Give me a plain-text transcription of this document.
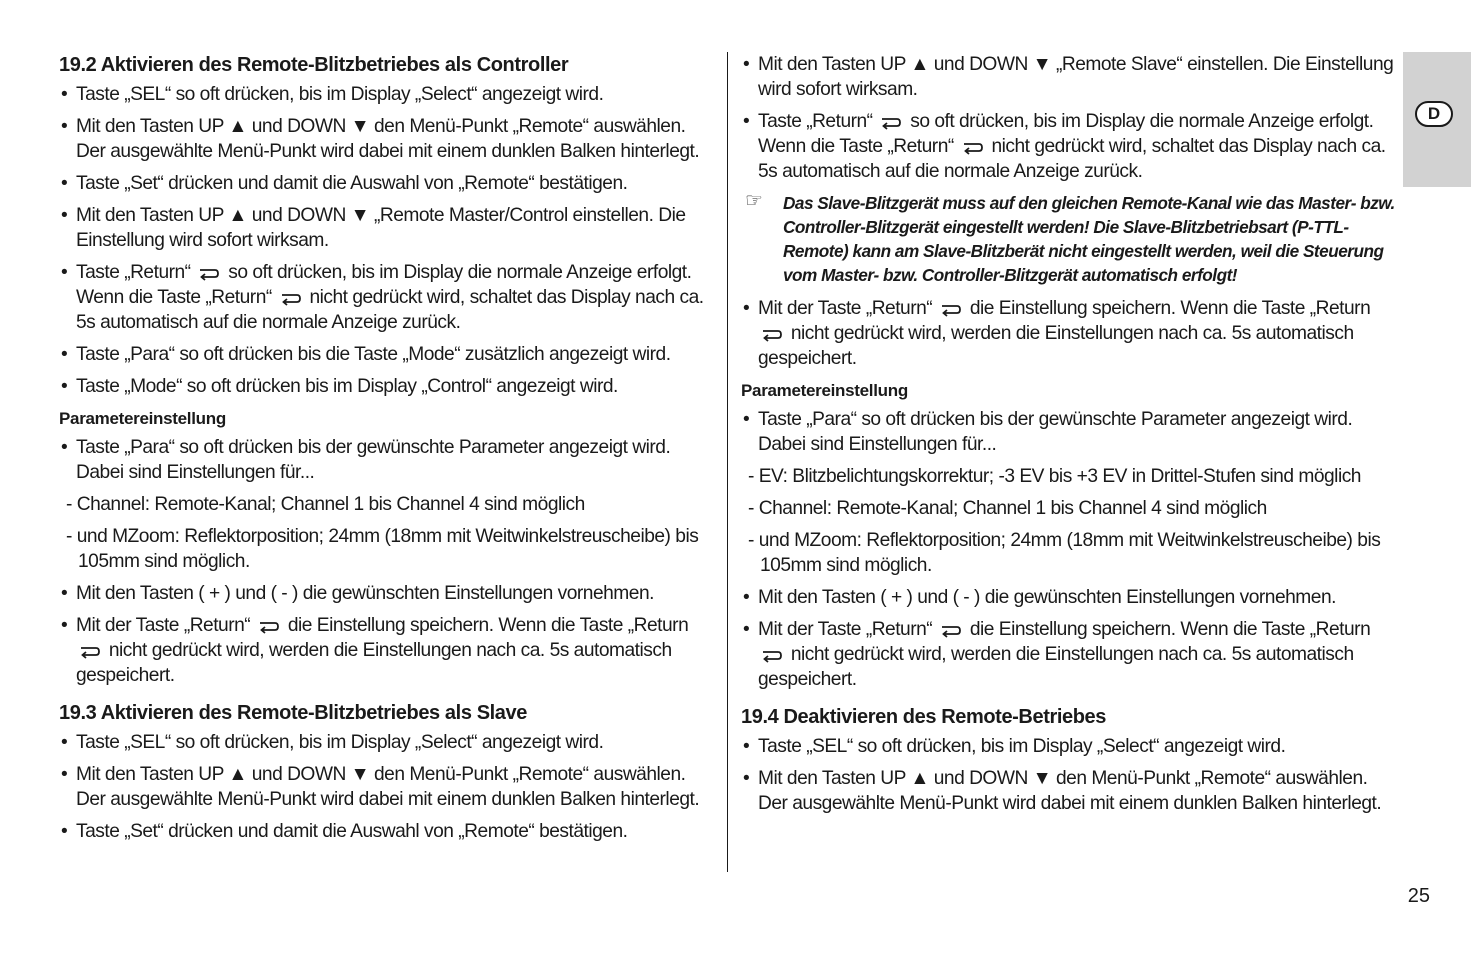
D
19.2 Aktivieren des Remote-Blitzbetriebes als Controller
• Taste „SEL“ so oft drücken, bis im Display „Select“ angezeigt wird.
• Mit den Tasten UP ▲ und DOWN ▼ den Menü-Punkt „Remote“ auswählen. Der ausgewählte Menü-Punkt wird dabei mit einem dunklen Balken hinterlegt.
• Taste „Set“ drücken und damit die Auswahl von „Remote“ bestätigen.
• Mit den Tasten UP ▲ und DOWN ▼ „Remote Master/Control einstellen. Die Einstellung wird sofort wirksam.
• Taste „Return“ so oft drücken, bis im Display die normale Anzeige erfolgt. Wenn die Taste „Return“ nicht gedrückt wird, schaltet das Display nach ca. 5s automatisch auf die normale Anzeige zurück.
• Taste „Para“ so oft drücken bis die Taste „Mode“ zusätzlich angezeigt wird.
• Taste „Mode“ so oft drücken bis im Display „Control“ angezeigt wird.
Parametereinstellung
• Taste „Para“ so oft drücken bis der gewünschte Parameter angezeigt wird. Dabei sind Einstellungen für...
- Channel: Remote-Kanal; Channel 1 bis Channel 4 sind möglich
- und MZoom: Reflektorposition; 24mm (18mm mit Weitwinkelstreuscheibe) bis 105mm sind möglich.
• Mit den Tasten ( + ) und ( - ) die gewünschten Einstellungen vornehmen.
• Mit der Taste „Return“ die Einstellung speichern. Wenn die Taste „Return
nicht gedrückt wird, werden die Einstellungen nach ca. 5s automatisch gespeichert.
19.3 Aktivieren des Remote-Blitzbetriebes als Slave
• Taste „SEL“ so oft drücken, bis im Display „Select“ angezeigt wird.
• Mit den Tasten UP ▲ und DOWN ▼ den Menü-Punkt „Remote“ auswählen. Der ausgewählte Menü-Punkt wird dabei mit einem dunklen Balken hinterlegt.
• Taste „Set“ drücken und damit die Auswahl von „Remote“ bestätigen.
• Mit den Tasten UP ▲ und DOWN ▼ „Remote Slave“ einstellen. Die Einstellung wird sofort wirksam.
• Taste „Return“ so oft drücken, bis im Display die normale Anzeige erfolgt. Wenn die Taste „Return“ nicht gedrückt wird, schaltet das Display nach ca. 5s automatisch auf die normale Anzeige zurück.
☞ Das Slave-Blitzgerät muss auf den gleichen Remote-Kanal wie das Master- bzw. Controller-Blitzgerät eingestellt werden! Die Slave-Blitzbetriebsart (P-TTL-Remote) kann am Slave-Blitzberät nicht eingestellt werden, weil die Steuerung vom Master- bzw. Controller-Blitzgerät automatisch erfolgt!
• Mit der Taste „Return“ die Einstellung speichern. Wenn die Taste „Return
nicht gedrückt wird, werden die Einstellungen nach ca. 5s automatisch gespeichert.
Parametereinstellung
• Taste „Para“ so oft drücken bis der gewünschte Parameter angezeigt wird. Dabei sind Einstellungen für...
- EV: Blitzbelichtungskorrektur; -3 EV bis +3 EV in Drittel-Stufen sind möglich
- Channel: Remote-Kanal; Channel 1 bis Channel 4 sind möglich
- und MZoom: Reflektorposition; 24mm (18mm mit Weitwinkelstreuscheibe) bis 105mm sind möglich.
• Mit den Tasten ( + ) und ( - ) die gewünschten Einstellungen vornehmen.
• Mit der Taste „Return“ die Einstellung speichern. Wenn die Taste „Return
nicht gedrückt wird, werden die Einstellungen nach ca. 5s automatisch gespeichert.
19.4 Deaktivieren des Remote-Betriebes
• Taste „SEL“ so oft drücken, bis im Display „Select“ angezeigt wird.
• Mit den Tasten UP ▲ und DOWN ▼ den Menü-Punkt „Remote“ auswählen. Der ausgewählte Menü-Punkt wird dabei mit einem dunklen Balken hinterlegt.
25
